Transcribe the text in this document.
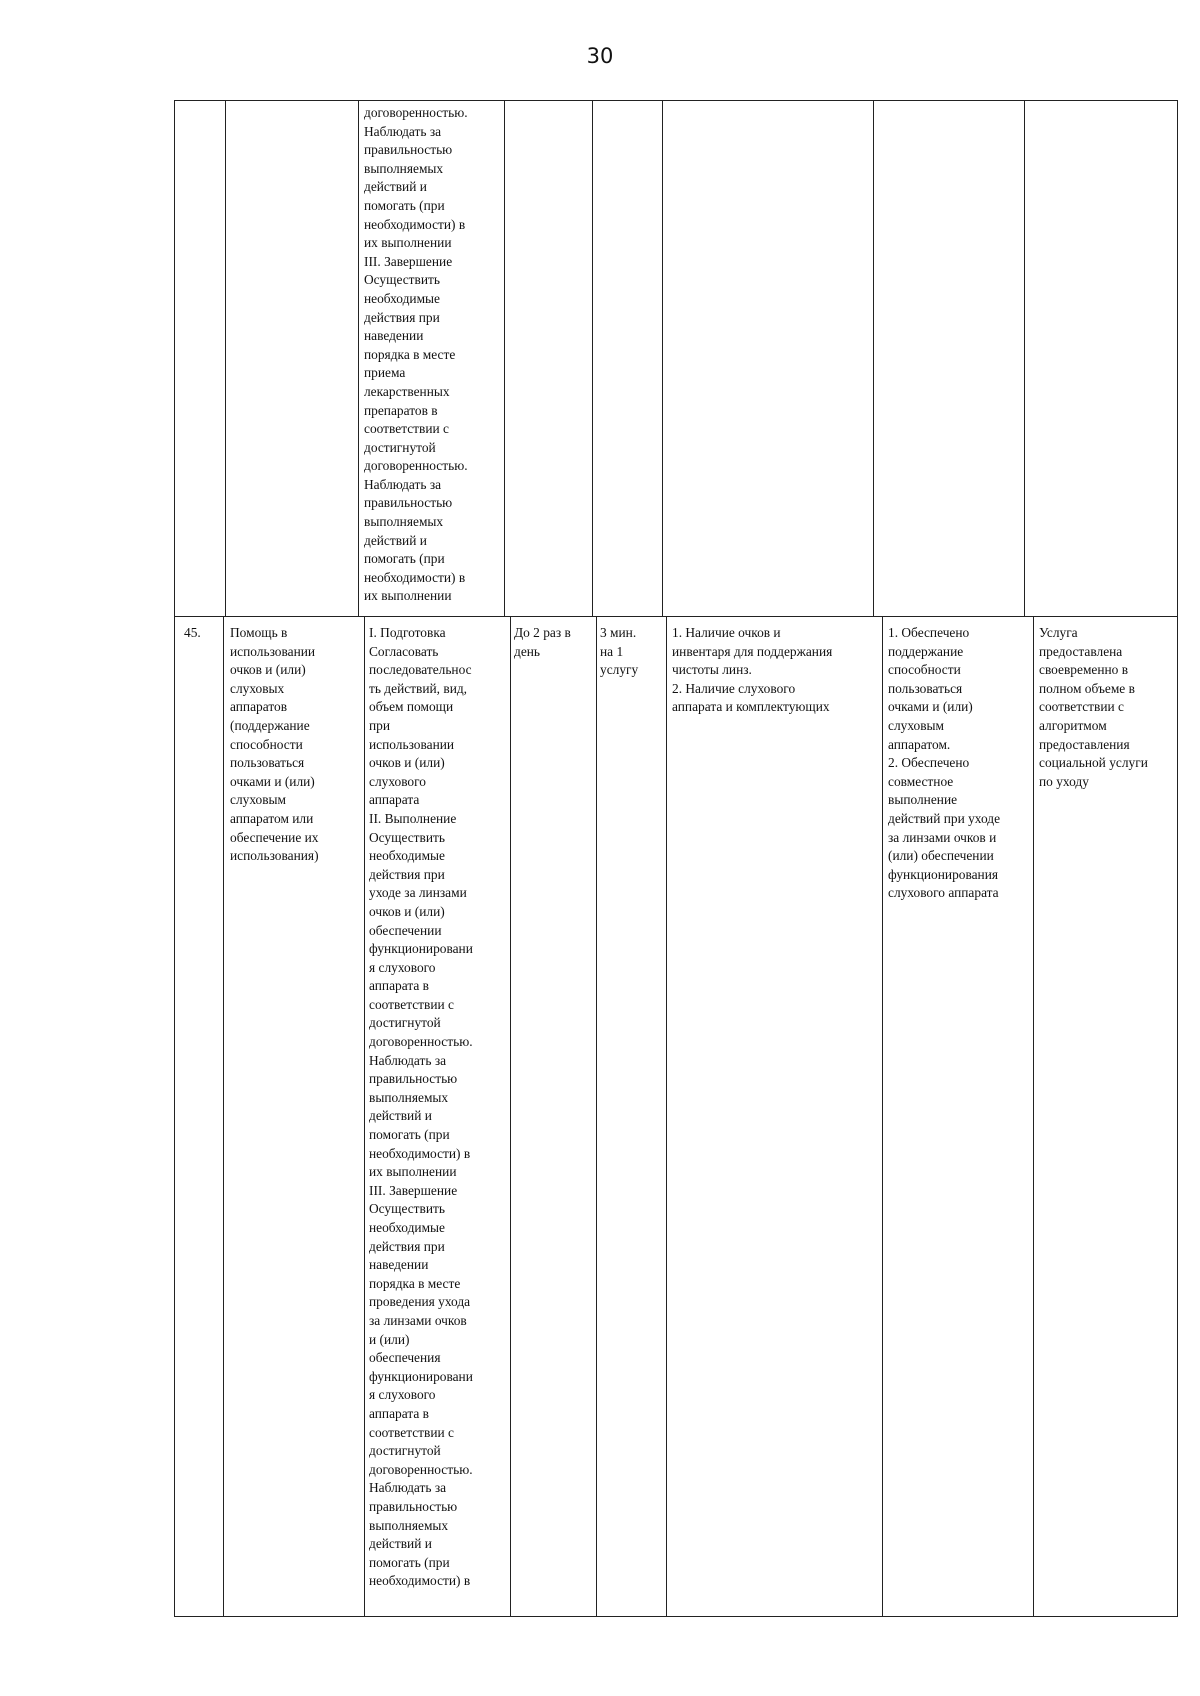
30
договоренностью.
Наблюдать за
правильностью
выполняемых
действий и
помогать (при
необходимости) в
их выполнении
III. Завершение
Осуществить
необходимые
действия при
наведении
порядка в месте
приема
лекарственных
препаратов в
соответствии с
достигнутой
договоренностью.
Наблюдать за
правильностью
выполняемых
действий и
помогать (при
необходимости) в
их выполнении
45.	Помощь в
использовании
очков и (или)
слуховых
аппаратов
(поддержание
способности
пользоваться
очками и (или)
слуховым
аппаратом или
обеспечение их
использования)
I. Подготовка
Согласовать
последовательнос
ть действий, вид,
объем помощи
при
использовании
очков и (или)
слухового
аппарата
II. Выполнение
Осуществить
необходимые
действия при
уходе за линзами
очков и (или)
обеспечении
функционировани
я слухового
аппарата в
соответствии с
достигнутой
договоренностью.
Наблюдать за
правильностью
выполняемых
действий и
помогать (при
необходимости) в
их выполнении
III. Завершение
Осуществить
необходимые
действия при
наведении
порядка в месте
проведения ухода
за линзами очков
и (или)
обеспечения
функционировани
я слухового
аппарата в
соответствии с
достигнутой
договоренностью.
Наблюдать за
правильностью
выполняемых
действий и
помогать (при
необходимости) в
До 2 раз в
день
3 мин.
на 1
услугу
1. Наличие очков и
инвентаря для поддержания
чистоты линз.
2. Наличие слухового
аппарата и комплектующих
1. Обеспечено
поддержание
способности
пользоваться
очками и (или)
слуховым
аппаратом.
2. Обеспечено
совместное
выполнение
действий при уходе
за линзами очков и
(или) обеспечении
функционирования
слухового аппарата
Услуга
предоставлена
своевременно в
полном объеме в
соответствии с
алгоритмом
предоставления
социальной услуги
по уходу
